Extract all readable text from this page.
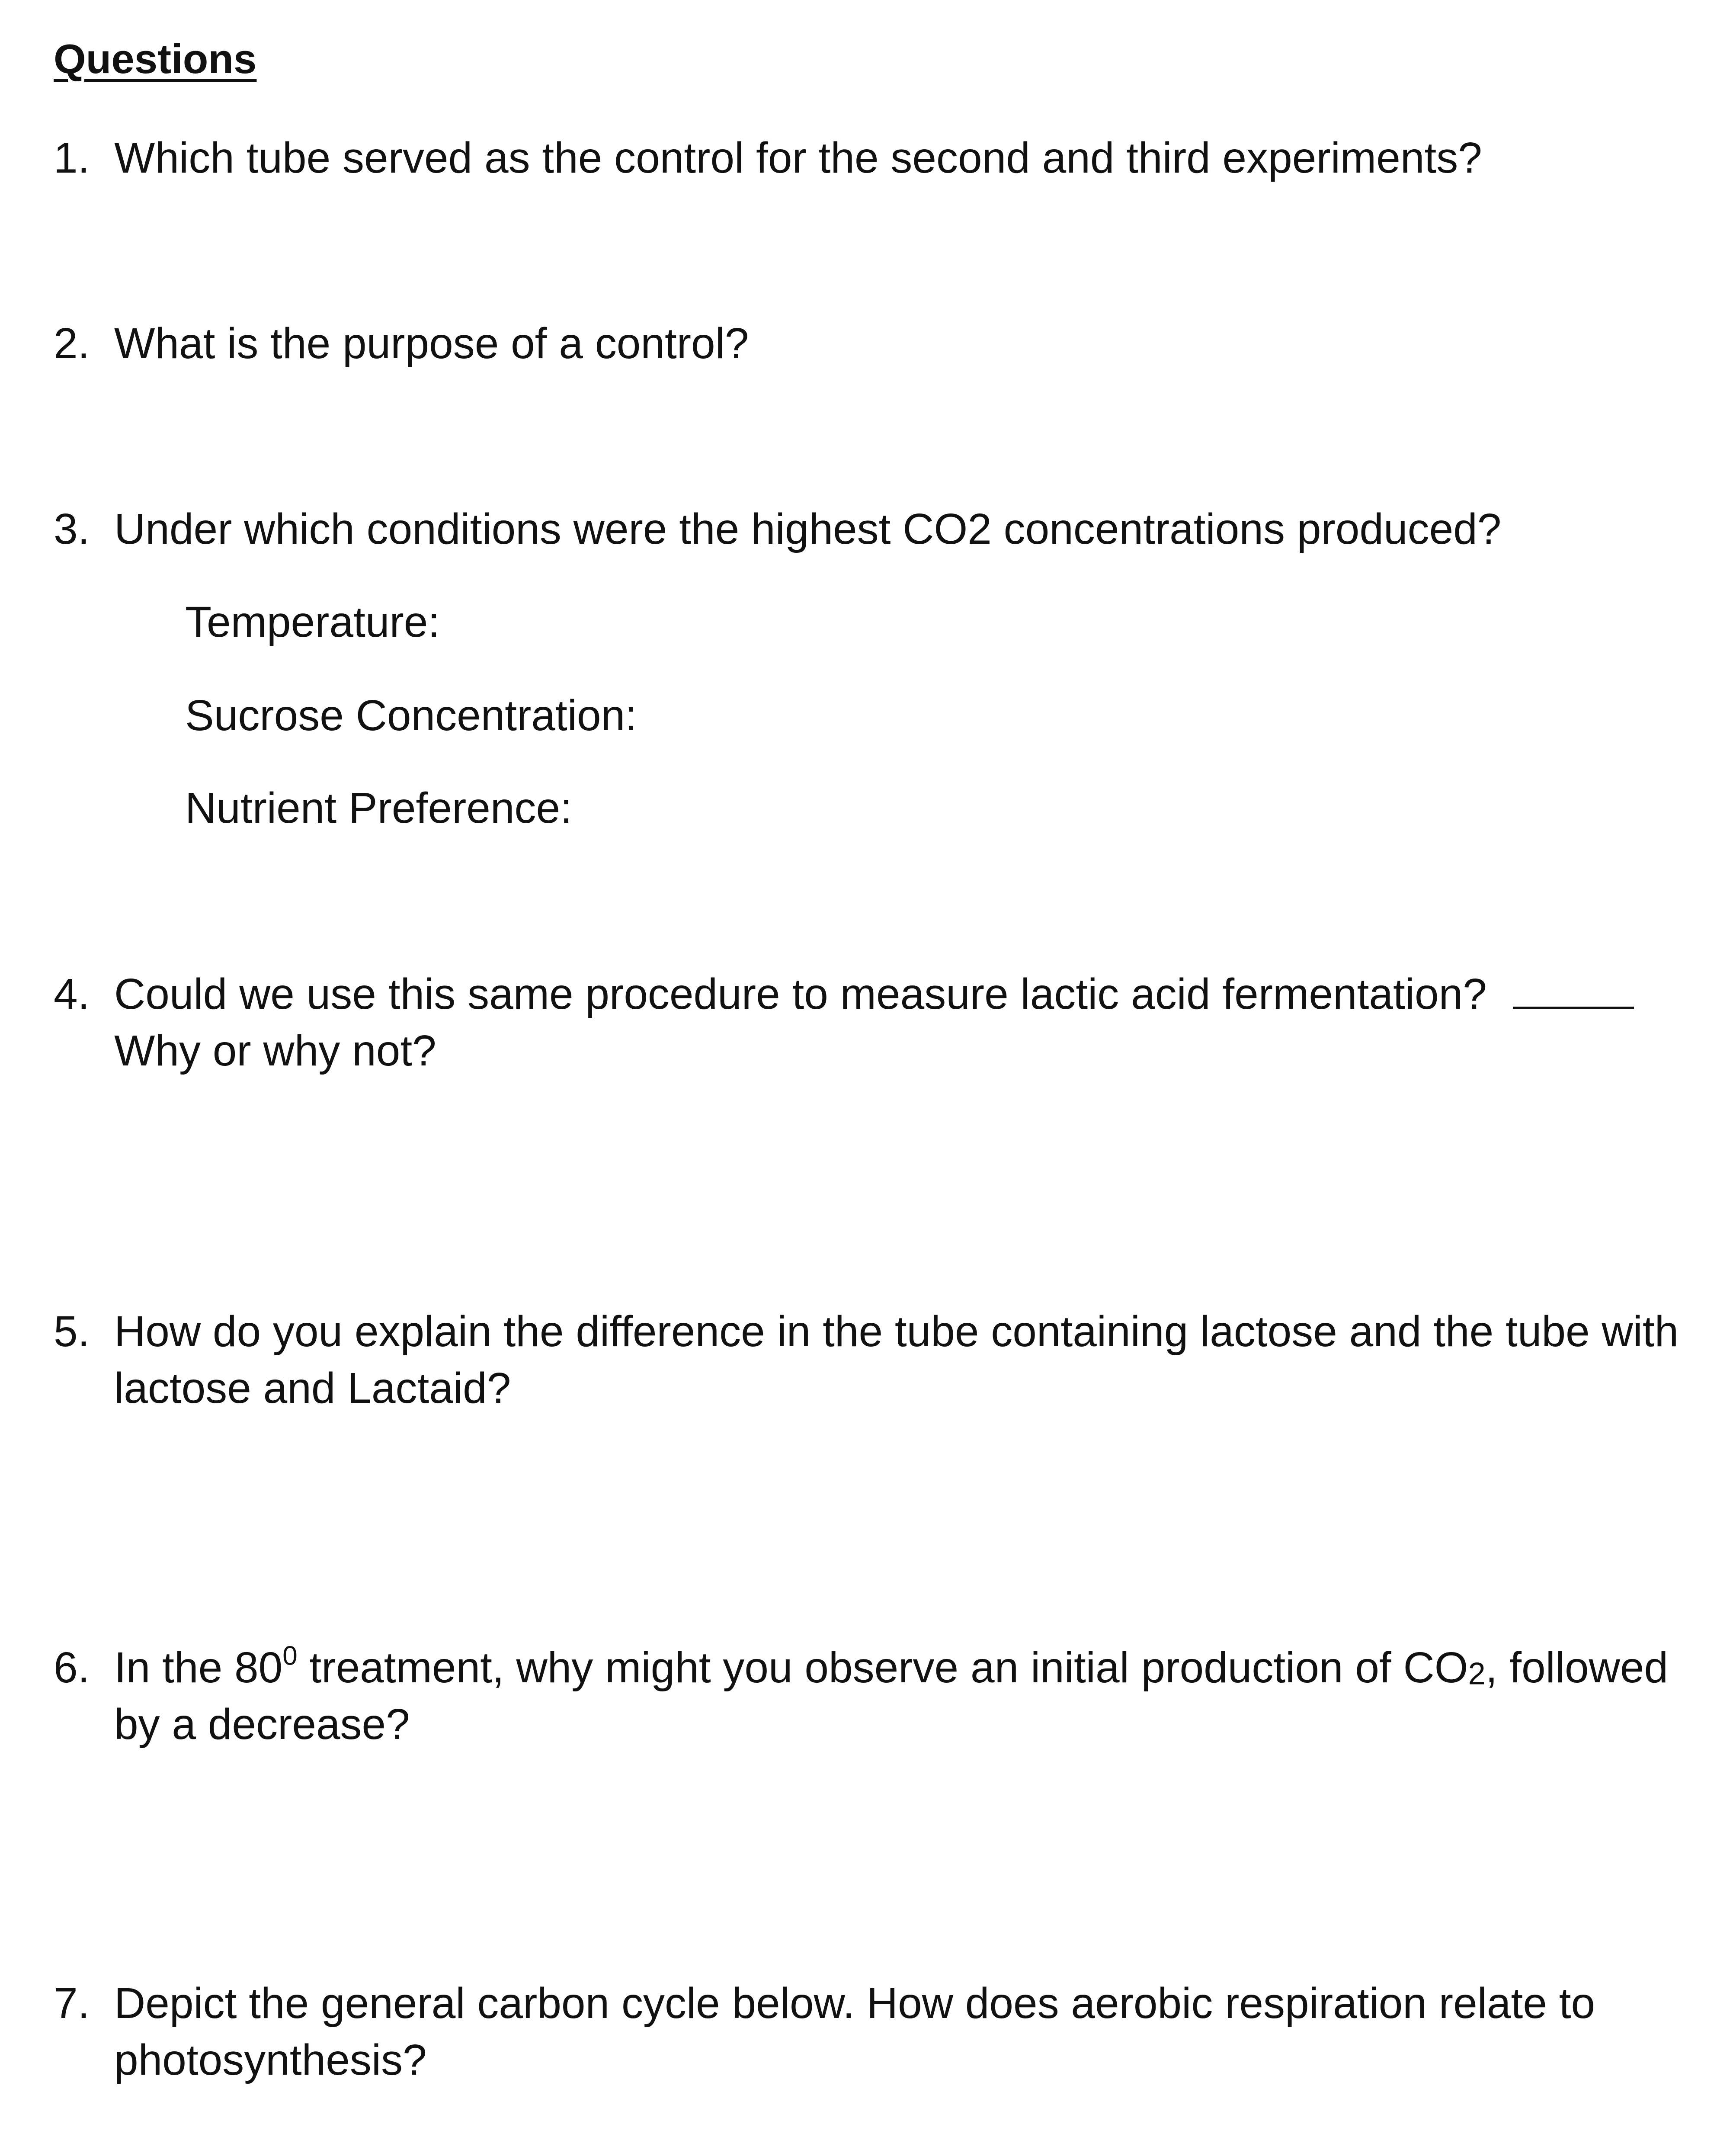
Questions
1. Which tube served as the control for the second and third experiments?
2. What is the purpose of a control?
3. Under which conditions were the highest CO2 concentrations produced?
Temperature:
Sucrose Concentration:
Nutrient Preference:
4. Could we use this same procedure to measure lactic acid fermentation?
Why or why not?
5. How do you explain the difference in the tube containing lactose and the tube with
lactose and Lactaid?
6. In the $80^0$ treatment, why might you observe an initial production of $CO_2$, followed
by a decrease?
7. Depict the general carbon cycle below. How does aerobic respiration relate to
photosynthesis?
